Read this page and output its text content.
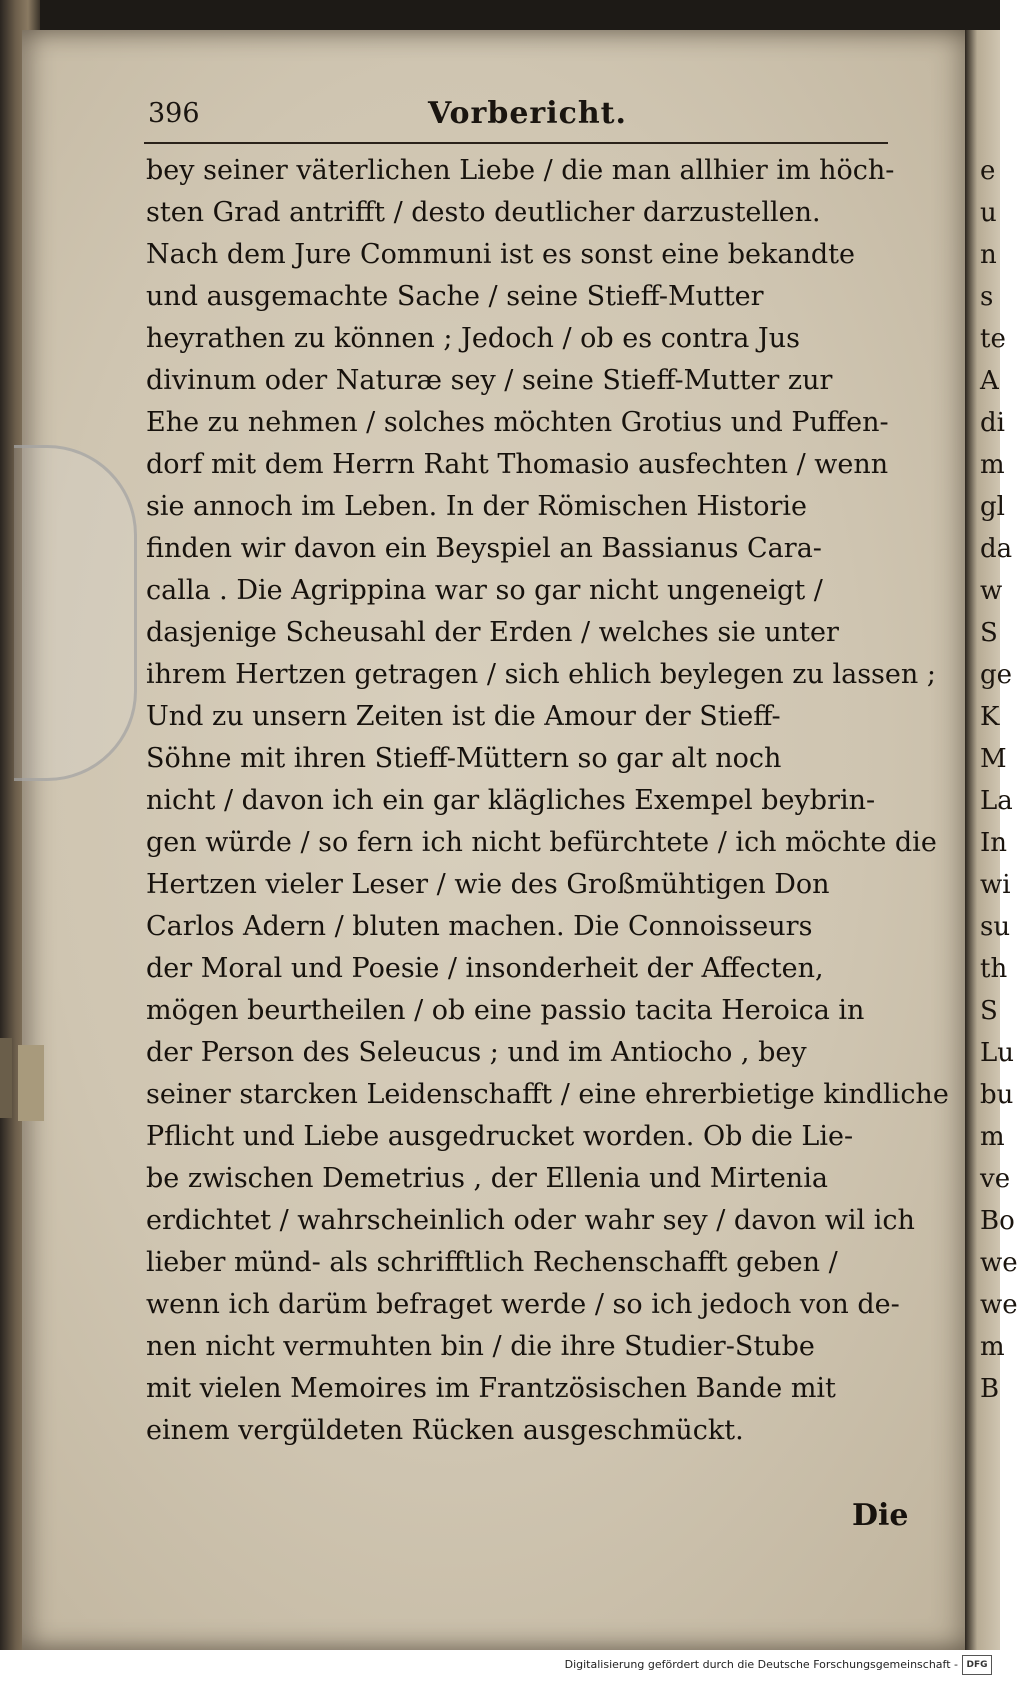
396	Vorbericht.
bey seiner väterlichen Liebe / die man allhier im höch-
sten Grad antrifft / desto deutlicher darzustellen.
Nach dem Jure Communi ist es sonst eine bekandte
und ausgemachte Sache / seine Stieff-Mutter
heyrathen zu können ; Jedoch / ob es contra Jus
divinum oder Naturæ sey / seine Stieff-Mutter zur
Ehe zu nehmen / solches möchten Grotius und Puffen-
dorf mit dem Herrn Raht Thomasio ausfechten / wenn
sie annoch im Leben. In der Römischen Historie
finden wir davon ein Beyspiel an Bassianus Cara-
calla . Die Agrippina war so gar nicht ungeneigt /
dasjenige Scheusahl der Erden / welches sie unter
ihrem Hertzen getragen / sich ehlich beylegen zu lassen ;
Und zu unsern Zeiten ist die Amour der Stieff-
Söhne mit ihren Stieff-Müttern so gar alt noch
nicht / davon ich ein gar klägliches Exempel beybrin-
gen würde / so fern ich nicht befürchtete / ich möchte die
Hertzen vieler Leser / wie des Großmühtigen Don
Carlos Adern / bluten machen. Die Connoisseurs
der Moral und Poesie / insonderheit der Affecten,
mögen beurtheilen / ob eine passio tacita Heroica in
der Person des Seleucus ; und im Antiocho , bey
seiner starcken Leidenschafft / eine ehrerbietige kindliche
Pflicht und Liebe ausgedrucket worden. Ob die Lie-
be zwischen Demetrius , der Ellenia und Mirtenia
erdichtet / wahrscheinlich oder wahr sey / davon wil ich
lieber münd- als schrifftlich Rechenschafft geben /
wenn ich darüm befraget werde / so ich jedoch von de-
nen nicht vermuhten bin / die ihre Studier-Stube
mit vielen Memoires im Frantzösischen Bande mit
einem vergüldeten Rücken ausgeschmückt.
Die
e
u
n
s
te
A
di
m
gl
da
w
S
ge
K
M
La
In
wi
su
th
S
Lu
bu
m
ve
Bo
we
we
m
B
Digitalisierung gefördert durch die Deutsche Forschungsgemeinschaft - DFG
